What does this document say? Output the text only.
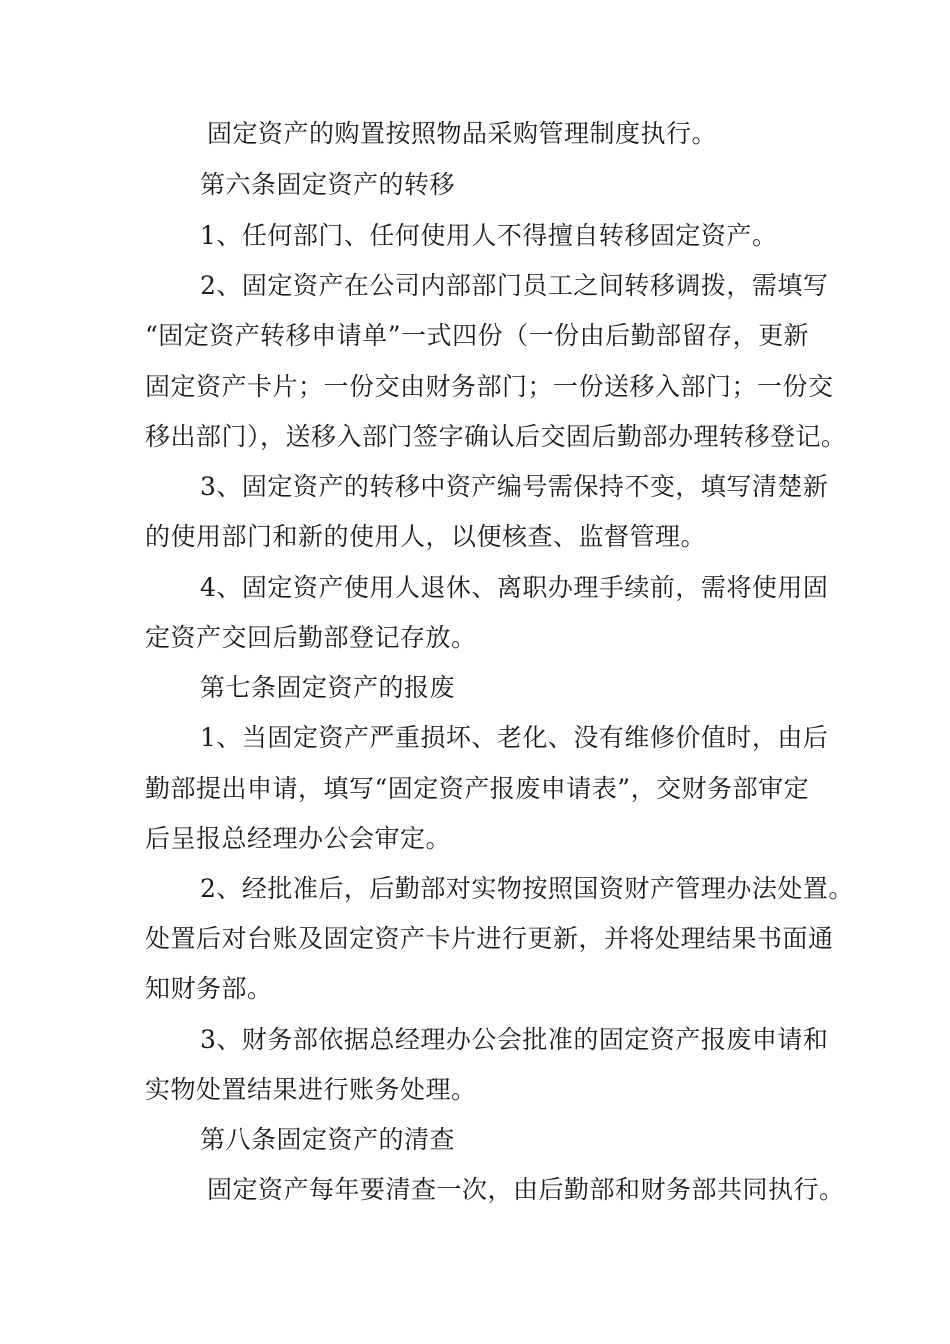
固定资产的购置按照物品采购管理制度执行。
第六条固定资产的转移
1、任何部门、任何使用人不得擅自转移固定资产。
2、固定资产在公司内部部门员工之间转移调拨，需填写
“固定资产转移申请单”一式四份（一份由后勤部留存，更新
固定资产卡片；一份交由财务部门；一份送移入部门；一份交
移出部门），送移入部门签字确认后交固后勤部办理转移登记。
3、固定资产的转移中资产编号需保持不变，填写清楚新
的使用部门和新的使用人，以便核查、监督管理。
4、固定资产使用人退休、离职办理手续前，需将使用固
定资产交回后勤部登记存放。
第七条固定资产的报废
1、当固定资产严重损坏、老化、没有维修价值时，由后
勤部提出申请，填写“固定资产报废申请表”，交财务部审定
后呈报总经理办公会审定。
2、经批准后，后勤部对实物按照国资财产管理办法处置。
处置后对台账及固定资产卡片进行更新，并将处理结果书面通
知财务部。
3、财务部依据总经理办公会批准的固定资产报废申请和
实物处置结果进行账务处理。
第八条固定资产的清查
固定资产每年要清查一次，由后勤部和财务部共同执行。
